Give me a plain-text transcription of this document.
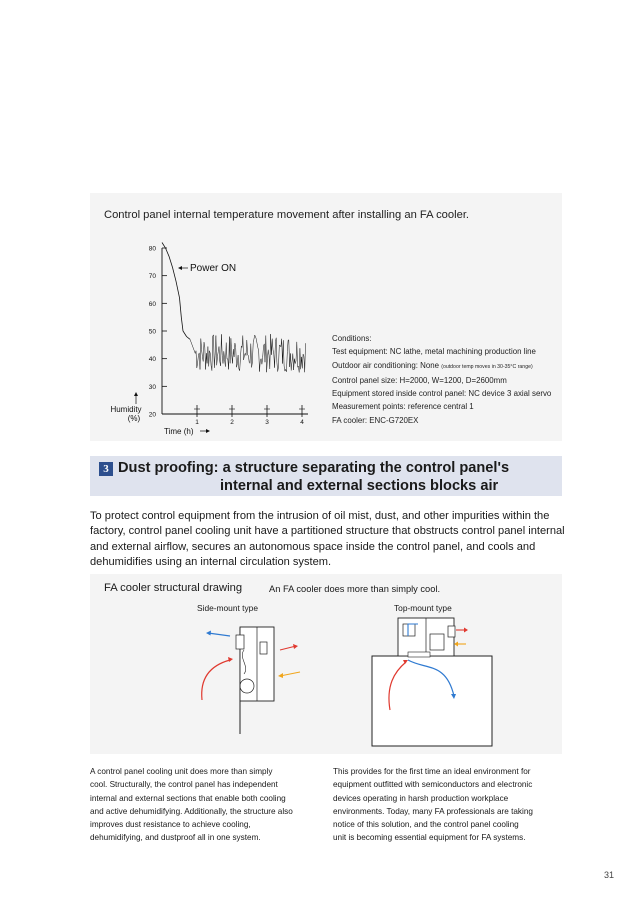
Control panel internal temperature movement after installing an FA cooler.
20
30
40
50
60
70
80
1	2	3	4
Power ON
Humidity
(%)
Time (h)
Conditions:
Test equipment: NC lathe, metal machining production line
Outdoor air conditioning: None (outdoor temp moves in 30-35°C range)
Control panel size: H=2000, W=1200, D=2600mm
Equipment stored inside control panel: NC device 3 axial servo
Measurement points: reference central 1
FA cooler: ENC-G720EX
3 Dust proofing: a structure separating the control panel's
internal and external sections blocks air
To protect control equipment from the intrusion of oil mist, dust, and other impurities within the factory, control panel cooling unit have a partitioned structure that obstructs control panel internal and external airflow, secures an autonomous space inside the control panel, and cools and dehumidifies using an internal circulation system.
FA cooler structural drawing	An FA cooler does more than simply cool.
Side-mount type	Top-mount type
A control panel cooling unit does more than simply
cool. Structurally, the control panel has independent
internal and external sections that enable both cooling
and active dehumidifying. Additionally, the structure also
improves dust resistance to achieve cooling,
dehumidifying, and dustproof all in one system.
This provides for the first time an ideal environment for
equipment outfitted with semiconductors and electronic
devices operating in harsh production workplace
environments. Today, many FA professionals are taking
notice of this solution, and the control panel cooling
unit is becoming essential equipment for FA systems.
31
